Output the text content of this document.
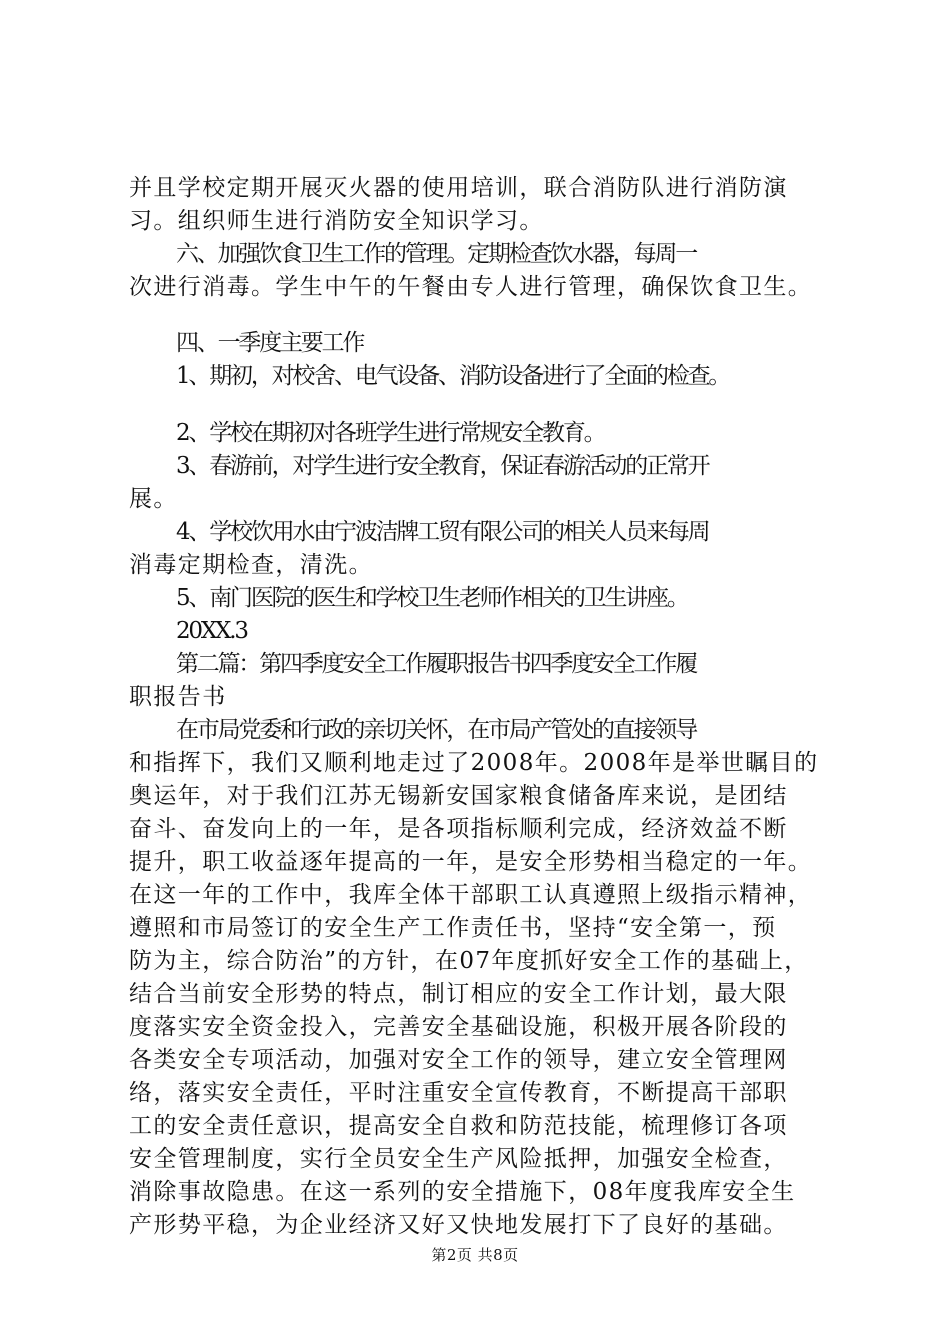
并且学校定期开展灭火器的使用培训，联合消防队进行消防演
习。组织师生进行消防安全知识学习。
六、加强饮食卫生工作的管理。定期检查饮水器，每周一
次进行消毒。学生中午的午餐由专人进行管理，确保饮食卫生。
四、一季度主要工作
1、期初，对校舍、电气设备、消防设备进行了全面的检查。
2、学校在期初对各班学生进行常规安全教育。
3、春游前，对学生进行安全教育，保证春游活动的正常开
展。
4、学校饮用水由宁波洁牌工贸有限公司的相关人员来每周
消毒定期检查，清洗。
5、南门医院的医生和学校卫生老师作相关的卫生讲座。
20XX.3
第二篇：第四季度安全工作履职报告书四季度安全工作履
职报告书
在市局党委和行政的亲切关怀，在市局产管处的直接领导
和指挥下，我们又顺利地走过了2008年。2008年是举世瞩目的
奥运年，对于我们江苏无锡新安国家粮食储备库来说，是团结
奋斗、奋发向上的一年，是各项指标顺利完成，经济效益不断
提升，职工收益逐年提高的一年，是安全形势相当稳定的一年。
在这一年的工作中，我库全体干部职工认真遵照上级指示精神，
遵照和市局签订的安全生产工作责任书，坚持“安全第一，预
防为主，综合防治”的方针，在07年度抓好安全工作的基础上，
结合当前安全形势的特点，制订相应的安全工作计划，最大限
度落实安全资金投入，完善安全基础设施，积极开展各阶段的
各类安全专项活动，加强对安全工作的领导，建立安全管理网
络，落实安全责任，平时注重安全宣传教育，不断提高干部职
工的安全责任意识，提高安全自救和防范技能，梳理修订各项
安全管理制度，实行全员安全生产风险抵押，加强安全检查，
消除事故隐患。在这一系列的安全措施下，08年度我库安全生
产形势平稳，为企业经济又好又快地发展打下了良好的基础。
第2页 共8页
